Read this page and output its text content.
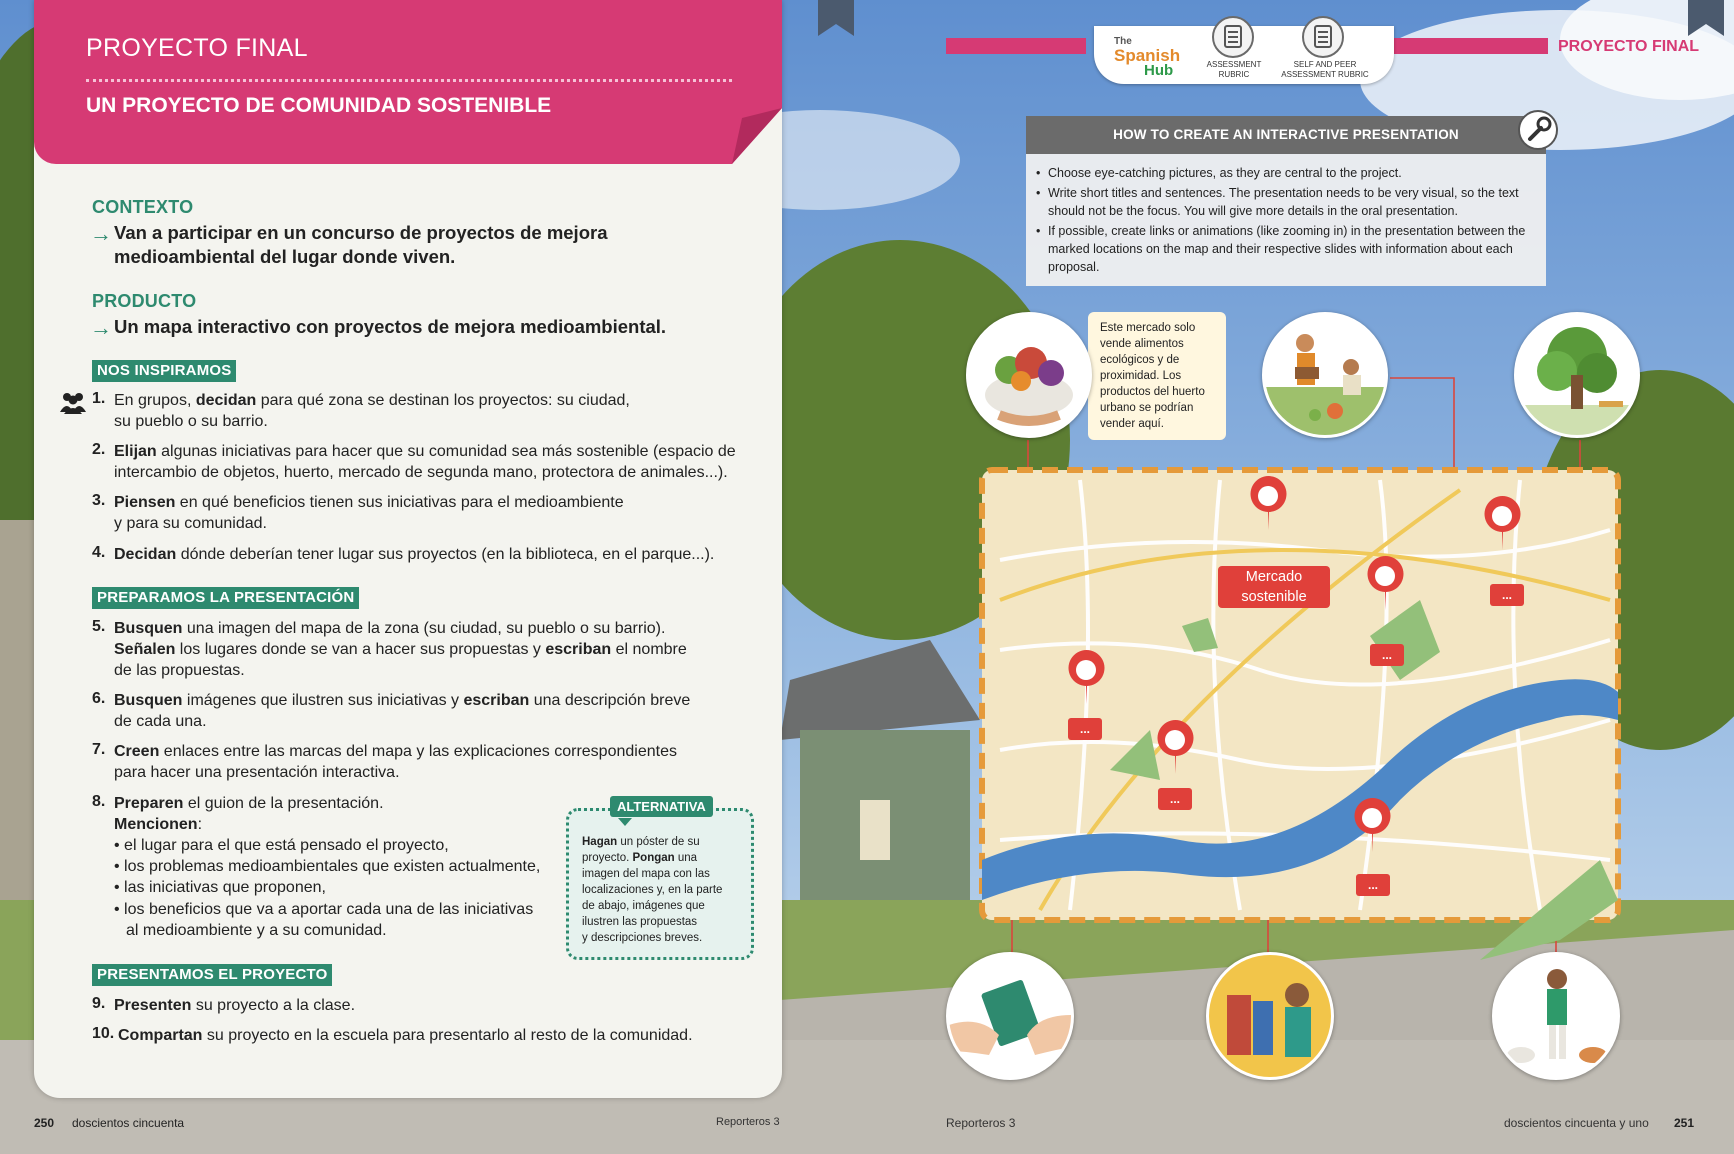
PROYECTO FINAL
UN PROYECTO DE COMUNIDAD SOSTENIBLE
CONTEXTO
→ Van a participar en un concurso de proyectos de mejora
medioambiental del lugar donde viven.
PRODUCTO
→ Un mapa interactivo con proyectos de mejora medioambiental.
NOS INSPIRAMOS
1. En grupos, decidan para qué zona se destinan los proyectos: su ciudad,
su pueblo o su barrio.
2. Elijan algunas iniciativas para hacer que su comunidad sea más sostenible (espacio de
intercambio de objetos, huerto, mercado de segunda mano, protectora de animales...).
3. Piensen en qué beneficios tienen sus iniciativas para el medioambiente
y para su comunidad.
4. Decidan dónde deberían tener lugar sus proyectos (en la biblioteca, en el parque...).
PREPARAMOS LA PRESENTACIÓN
5. Busquen una imagen del mapa de la zona (su ciudad, su pueblo o su barrio).
Señalen los lugares donde se van a hacer sus propuestas y escriban el nombre
de las propuestas.
6. Busquen imágenes que ilustren sus iniciativas y escriban una descripción breve
de cada una.
7. Creen enlaces entre las marcas del mapa y las explicaciones correspondientes
para hacer una presentación interactiva.
8. Preparen el guion de la presentación.
Mencionen:
• el lugar para el que está pensado el proyecto,
• los problemas medioambientales que existen actualmente,
• las iniciativas que proponen,
• los beneficios que va a aportar cada una de las iniciativas
al medioambiente y a su comunidad.
ALTERNATIVA
Hagan un póster de su
proyecto. Pongan una
imagen del mapa con las
localizaciones y, en la parte
de abajo, imágenes que
ilustren las propuestas
y descripciones breves.
PRESENTAMOS EL PROYECTO
9. Presenten su proyecto a la clase.
10. Compartan su proyecto en la escuela para presentarlo al resto de la comunidad.
250 doscientos cincuenta	Reporteros 3	Reporteros 3	doscientos cincuenta y uno 251
PROYECTO FINAL
The
Spanish
Hub	ASSESSMENT
RUBRIC
SELF AND PEER
ASSESSMENT RUBRIC
HOW TO CREATE AN INTERACTIVE PRESENTATION
• Choose eye-catching pictures, as they are central to the project.
• Write short titles and sentences. The presentation needs to be very visual, so the text should not be the focus. You will give more details in the oral presentation.
• If possible, create links or animations (like zooming in) in the presentation between the marked locations on the map and their respective slides with information about each proposal.
Mercado
sostenible
...
...
...
...
...
Este mercado solo vende alimentos ecológicos y de proximidad. Los productos del huerto urbano se podrían vender aquí.
